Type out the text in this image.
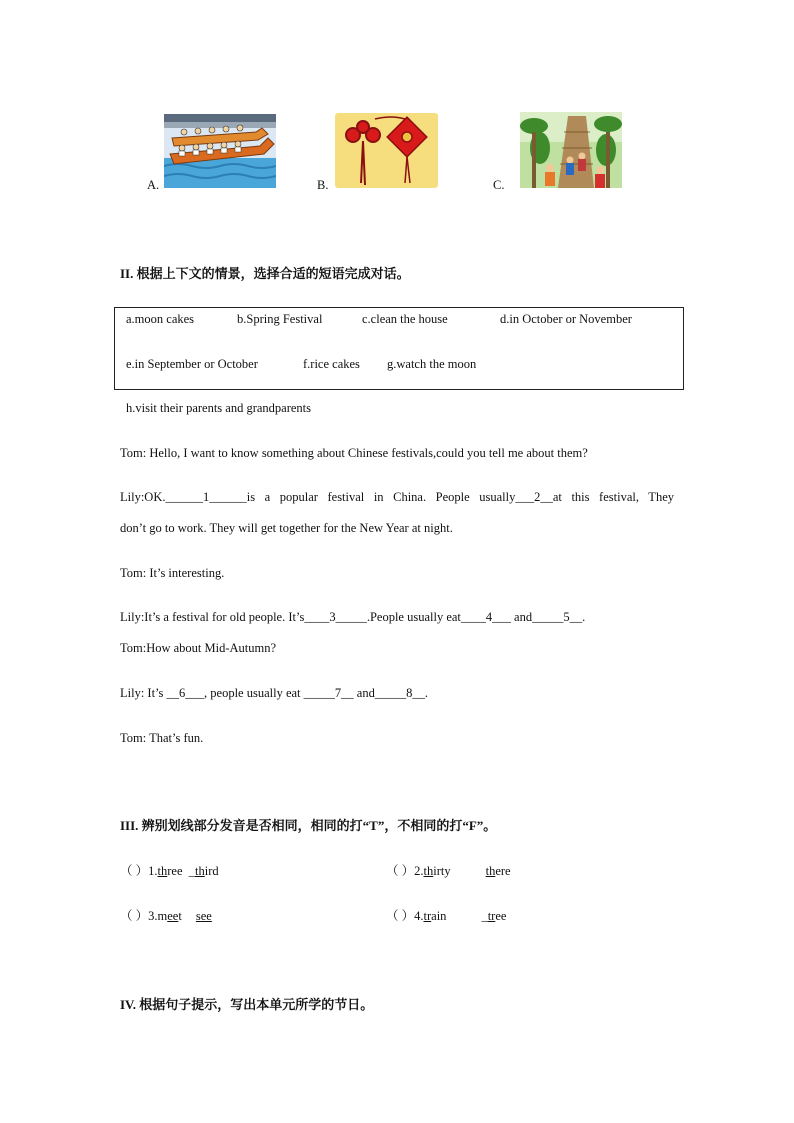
A.	B.	C.
II. 根据上下文的情景，选择合适的短语完成对话。
a.moon cakes	b.Spring Festival	c.clean the house	d.in October or November
e.in September or October	f.rice cakes g.watch the moon
h.visit their parents and grandparents
Tom: Hello, I want to know something about Chinese festivals,could you tell me about them?
Lily:OK.______1______is a popular festival in China. People usually___2__at this festival, They
don’t go to work. They will get together for the New Year at night.
Tom: It’s interesting.
Lily:It’s a festival for old people. It’s____3_____.People usually eat____4___ and_____5__.
Tom:How about Mid-Autumn?
Lily: It’s __6___, people usually eat _____7__ and_____8__.
Tom: That’s fun.
III. 辨别划线部分发音是否相同，相同的打“T”，不相同的打“F”。
（ ）1.three _third	（ ）2.thirty	there
（ ）3.meet see	（ ）4.train	_tree
IV. 根据句子提示，写出本单元所学的节日。
